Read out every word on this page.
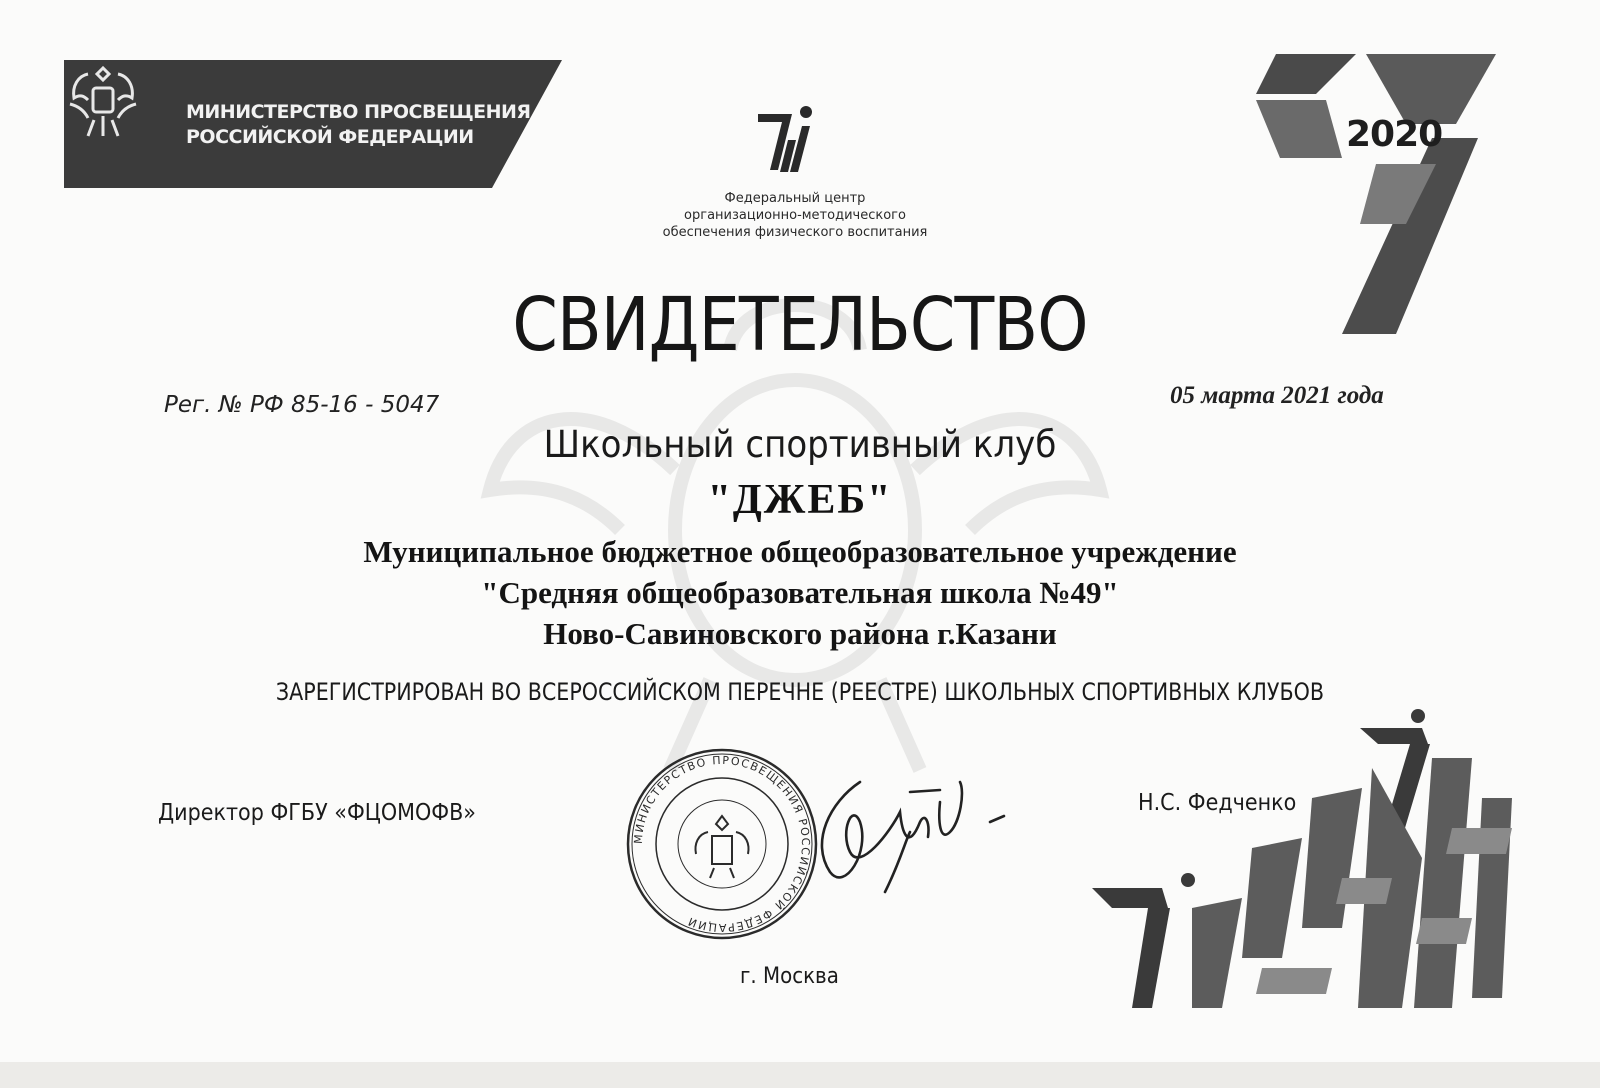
МИНИСТЕРСТВО ПРОСВЕЩЕНИЯ
РОССИЙСКОЙ ФЕДЕРАЦИИ
Федеральный центр
организационно-методического
обеспечения физического воспитания
2020
СВИДЕТЕЛЬСТВО
Рег. № РФ 85-16 - 5047	05 марта 2021 года
Школьный спортивный клуб
"ДЖЕБ"
Муниципальное бюджетное общеобразовательное учреждение
"Средняя общеобразовательная школа №49"
Ново-Савиновского района г.Казани
ЗАРЕГИСТРИРОВАН ВО ВСЕРОССИЙСКОМ ПЕРЕЧНЕ (РЕЕСТРЕ) ШКОЛЬНЫХ СПОРТИВНЫХ КЛУБОВ
Директор ФГБУ «ФЦОМОФВ»
МИНИСТЕРСТВО ПРОСВЕЩЕНИЯ РОССИЙСКОЙ ФЕДЕРАЦИИ
Н.С. Федченко
г. Москва
